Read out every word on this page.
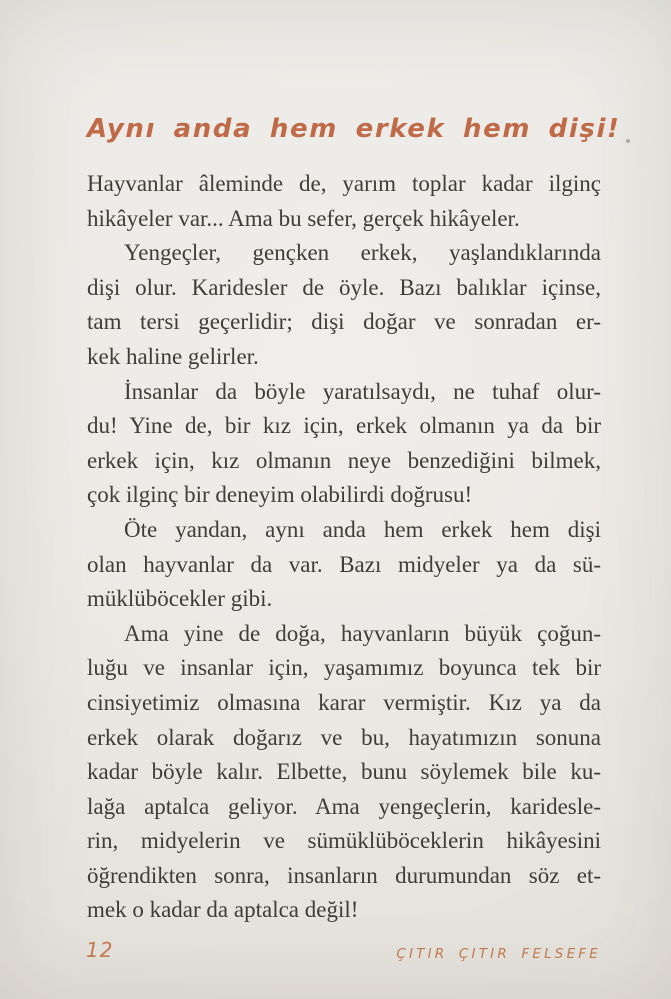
Aynı anda hem erkek hem dişi!
Hayvanlar âleminde de, yarım toplar kadar ilginç
hikâyeler var... Ama bu sefer, gerçek hikâyeler.
Yengeçler, gençken erkek, yaşlandıklarında
dişi olur. Karidesler de öyle. Bazı balıklar içinse,
tam tersi geçerlidir; dişi doğar ve sonradan er-
kek haline gelirler.
İnsanlar da böyle yaratılsaydı, ne tuhaf olur-
du! Yine de, bir kız için, erkek olmanın ya da bir
erkek için, kız olmanın neye benzediğini bilmek,
çok ilginç bir deneyim olabilirdi doğrusu!
Öte yandan, aynı anda hem erkek hem dişi
olan hayvanlar da var. Bazı midyeler ya da sü-
müklüböcekler gibi.
Ama yine de doğa, hayvanların büyük çoğun-
luğu ve insanlar için, yaşamımız boyunca tek bir
cinsiyetimiz olmasına karar vermiştir. Kız ya da
erkek olarak doğarız ve bu, hayatımızın sonuna
kadar böyle kalır. Elbette, bunu söylemek bile ku-
lağa aptalca geliyor. Ama yengeçlerin, karidesle-
rin, midyelerin ve sümüklüböceklerin hikâyesini
öğrendikten sonra, insanların durumundan söz et-
mek o kadar da aptalca değil!
12	ÇITIR ÇITIR FELSEFE
